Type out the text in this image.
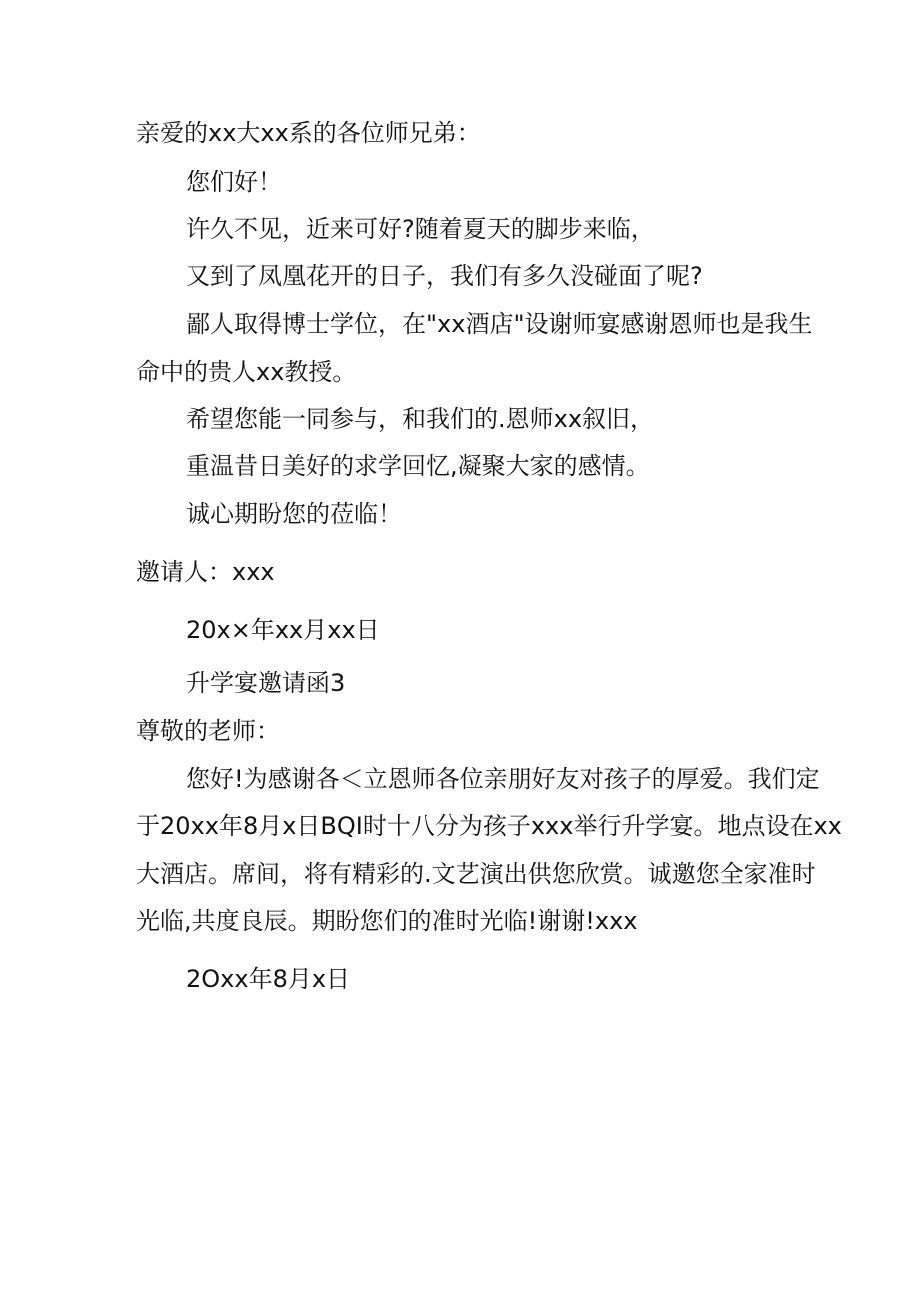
亲爱的xx大xx系的各位师兄弟：
您们好！
许久不见，近来可好?随着夏天的脚步来临，
又到了凤凰花开的日子，我们有多久没碰面了呢?
鄙人取得博士学位，在"xx酒店"设谢师宴感谢恩师也是我生
命中的贵人xx教授。
希望您能一同参与，和我们的.恩师xx叙旧，
重温昔日美好的求学回忆,凝聚大家的感情。
诚心期盼您的莅临！
邀请人：xxx
20x×年xx月xx日
升学宴邀请函3
尊敬的老师：
您好!为感谢各＜立恩师各位亲朋好友对孩子的厚爱。我们定
于20xx年8月x日BQI时十八分为孩子xxx举行升学宴。地点设在xx
大酒店。席间，将有精彩的.文艺演出供您欣赏。诚邀您全家准时
光临,共度良辰。期盼您们的准时光临!谢谢!xxx
2Oxx年8月x日
